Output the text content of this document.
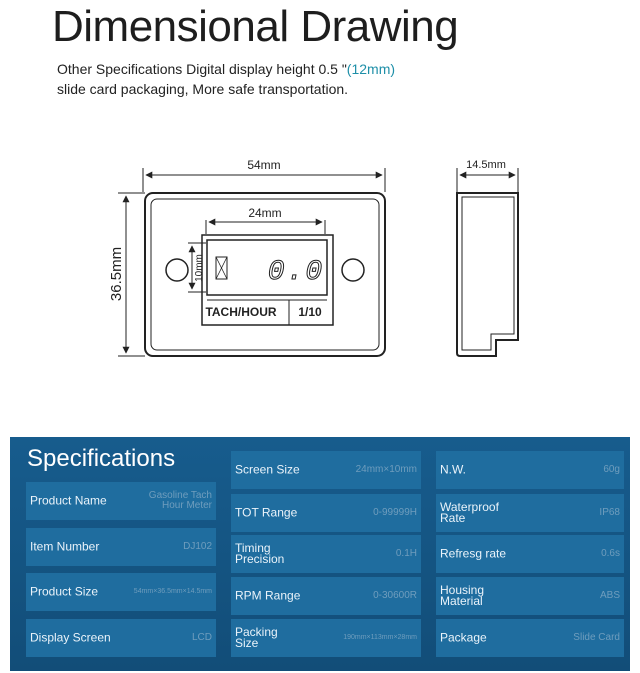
Dimensional Drawing
Other Specifications Digital display height 0.5 "(12mm)
slide card packaging, More safe transportation.
54mm
36.5mm
24mm
10mm 0.0
TACH/HOUR 1/10
14.5mm
Specifications
Product Name	Gasoline Tach Hour Meter
Item Number	DJ102
Product Size	54mm×36.5mm×14.5mm
Display Screen	LCD
Screen Size	24mm×10mm
TOT Range	0-99999H
Timing Precision	0.1H
RPM Range	0-30600R
Packing Size	190mm×113mm×28mm
N.W.	60g
Waterproof Rate	IP68
Refresg rate	0.6s
Housing Material	ABS
Package	Slide Card
